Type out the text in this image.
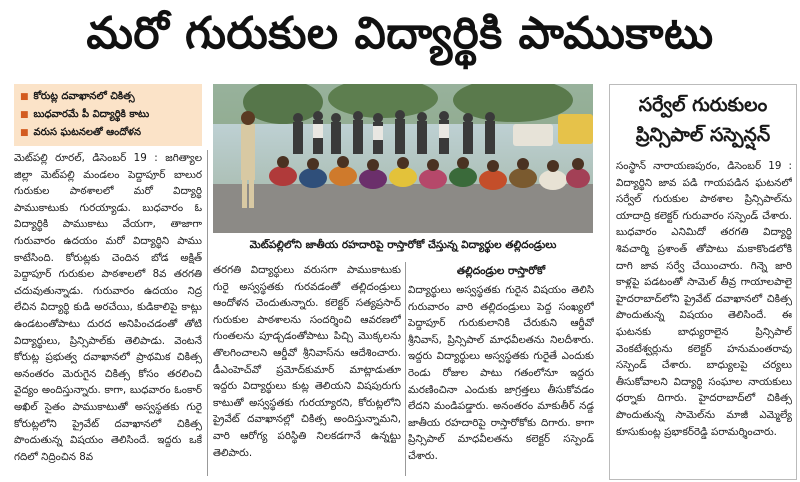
మరో గురుకుల విద్యార్థికి పాముకాటు
■ కోరుట్ల దవాఖానలో చికిత్స
■ బుధవారమే పీ విద్యార్థికి కాటు
■ వరుస ఘటనలతో ఆందోళన

మెట్‌పల్లి రూరల్‌, డిసెంబర్‌ 19 : జగిత్యాల జిల్లా మెట్‌పల్లి మండలం పెద్దాపూర్‌ బాలుర గురుకుల పాఠశాలలో మరో విద్యార్థి పాముకాటుకు గురయ్యాడు. బుధవారం ఓ విద్యార్థికి పాముకాటు వేయగా, తాజాగా గురువారం ఉదయం మరో విద్యార్థిని పాము కాటేసింది. కోరుట్లకు చెందిన బోడ అక్షిత్‌ పెద్దాపూర్‌ గురుకుల పాఠశాలలో 8వ తరగతి చదువుతున్నాడు. గురువారం ఉదయం నిద్ర లేచిన విద్యార్థి కుడి అరచేయి, కుడికాలిపై కాట్లు ఉండటంతోపాటు దురద అనిపించడంతో తోటి విద్యార్థులు, ప్రిన్సిపాల్‌కు తెలిపాడు. వెంటనే కోరుట్ల ప్రభుత్వ దవాఖానలో ప్రాథమిక చికిత్స అనంతరం మెరుగైన చికిత్స కోసం తరలించి వైద్యం అందిస్తున్నారు. కాగా, బుధవారం ఓంకార్‌ అఖిల్‌ సైతం పాముకాటుతో అస్వస్థతకు గురై కోరుట్లలోని ప్రైవేట్‌ దవాఖానలో చికిత్స పొందుతున్న విషయం తెలిసిందే. ఇద్దరు ఒకే గదిలో నిద్రించిన 8వ

మెట్‌పల్లిలోని జాతీయ రహదారిపై రాస్తారోకో చేస్తున్న విద్యార్థుల తల్లిదండ్రులు

తరగతి విద్యార్థులు వరుసగా పాముకాటుకు గురై అస్వస్థతకు గురవడంతో తల్లిదండ్రులు ఆందోళన చెందుతున్నారు. కలెక్టర్‌ సత్యప్రసాద్‌ గురుకుల పాఠశాలను సందర్శించి ఆవరణలో గుంతలను పూడ్చడంతోపాటు పిచ్చి మొక్కలను తొలగించాలని ఆర్డీవో శ్రీనివాస్‌ను ఆదేశించారు. డీఎంహెచ్‌వో ప్రమోద్‌కుమార్‌ మాట్లాడుతూ ఇద్దరు విద్యార్థులు కుట్ల తెలియని విషపురుగు కాటుతో అస్వస్థతకు గురయ్యారని, కోరుట్లలోని ప్రైవేట్‌ దవాఖానల్లో చికిత్స అందిస్తున్నామని, వారి ఆరోగ్య పరిస్థితి నిలకడగానే ఉన్నట్టు తెలిపారు.

తల్లిదండ్రుల రాస్తారోకో

విద్యార్థులు అస్వస్థతకు గురైన విషయం తెలిసి గురువారం వారి తల్లిదండ్రులు పెద్ద సంఖ్యలో పెద్దాపూర్‌ గురుకులానికి చేరుకుని ఆర్డీవో శ్రీనివాస్‌, ప్రిన్సిపాల్‌ మాధవీలతను నిలదీశారు. ఇద్దరు విద్యార్థులు అస్వస్థతకు గురైతే ఎందుకు రెండు రోజుల పాటు గతంలోనూ ఇద్దరు మరణించినా ఎందుకు జాగ్రత్తలు తీసుకోవడం లేదని మండిపడ్డారు. అనంతరం మాకుతీర్‌ నడ్ద జాతీయ రహదారిపై రాస్తారోకోకు దిగారు. కాగా ప్రిన్సిపాల్‌ మాధవీలతను కలెక్టర్‌ సస్పెండ్‌ చేశారు.

సర్వేల్‌ గురుకులం ప్రిన్సిపాల్‌ సస్పెన్షన్‌

సంస్థాన్‌ నారాయణపురం, డిసెంబర్‌ 19 : విద్యార్థిని జావ పడి గాయపడిన ఘటనలో సర్వేల్‌ గురుకుల పాఠశాల ప్రిన్సిపాల్‌ను యాదాద్రి కలెక్టర్‌ గురువారం సస్పెండ్‌ చేశారు. బుధవారం ఎనిమిదో తరగతి విద్యార్థి శివచార్మి ప్రశాంత్‌ తోపాటు మకాకొండలోకి దాగి జావ సర్వే చేయించారు. గిన్నె జారి కాళ్లపై పడటంతో సామెల్‌ తీవ్ర గాయాలపాలై హైదరాబాద్‌లోని ప్రైవేట్‌ దవాఖానలో చికిత్స పొందుతున్న విషయం తెలిసిందే. ఈ ఘటనకు బాధ్యురాలైన ప్రిన్సిపాల్‌ వెంకటేశ్వర్లును కలెక్టర్‌ హనుమంతరావు సస్పెండ్‌ చేశారు. బాధ్యులపై చర్యలు తీసుకోవాలని విద్యార్థి సంఘాల నాయకులు ధర్నాకు దిగారు. హైదరాబాద్‌లో చికిత్స పొందుతున్న సామెల్‌ను మాజీ ఎమ్మెల్యే కూసుకుంట్ల ప్రభాకర్‌రెడ్డి పరామర్శించారు.
